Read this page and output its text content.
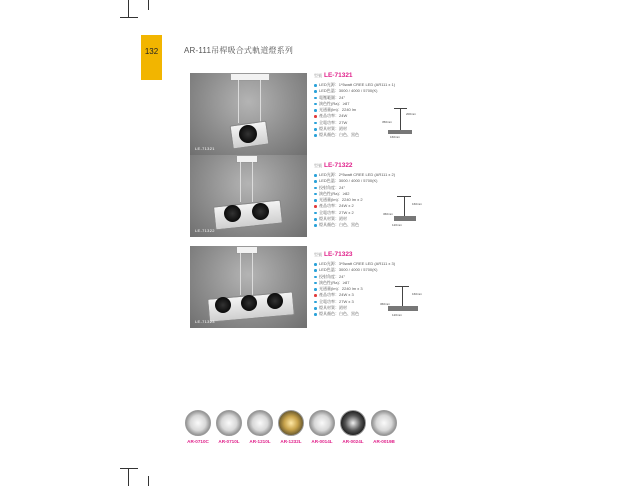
132	AR-111吊桿吸合式軌道燈系列
LE-71321
型號 LE-71321
LED光源：1*5watt CREE LED (AR111 x 1)
LED色溫：3000 / 4000 / 5700(K)
電壓範圍：24°
演色性(Ra)：≥87
光通量(lm)：2240 lm
產品功率：24W
全電功率：27W
燈具材質：鋁材
燈具顏色：白色、黑色
350mm
200mm
160mm
LE-71322
型號 LE-71322
LED光源：2*5watt CREE LED (AR111 x 2)
LED色溫：3000 / 4000 / 5700(K)
投射角度：24°
演色性(Ra)：≥82
光通量(lm)：2240 lm x 2
產品功率：24W x 2
全電功率：27W x 2
燈具材質：鋁材
燈具顏色：白色、黑色
360mm
160mm
120mm
LE-71323
型號 LE-71323
LED光源：3*5watt CREE LED (AR111 x 3)
LED色溫：3000 / 4000 / 5700(K)
投射角度：24°
演色性(Ra)：≥87
光通量(lm)：2240 lm x 3
產品功率：24W x 3
全電功率：27W x 3
燈具材質：鋁材
燈具顏色：白色、黑色
360mm
160mm
120mm
AR-0710C	AR-0710L	AR-1210L	AR-1232L	AR-0014L	AR-0024L	AR-0019B
